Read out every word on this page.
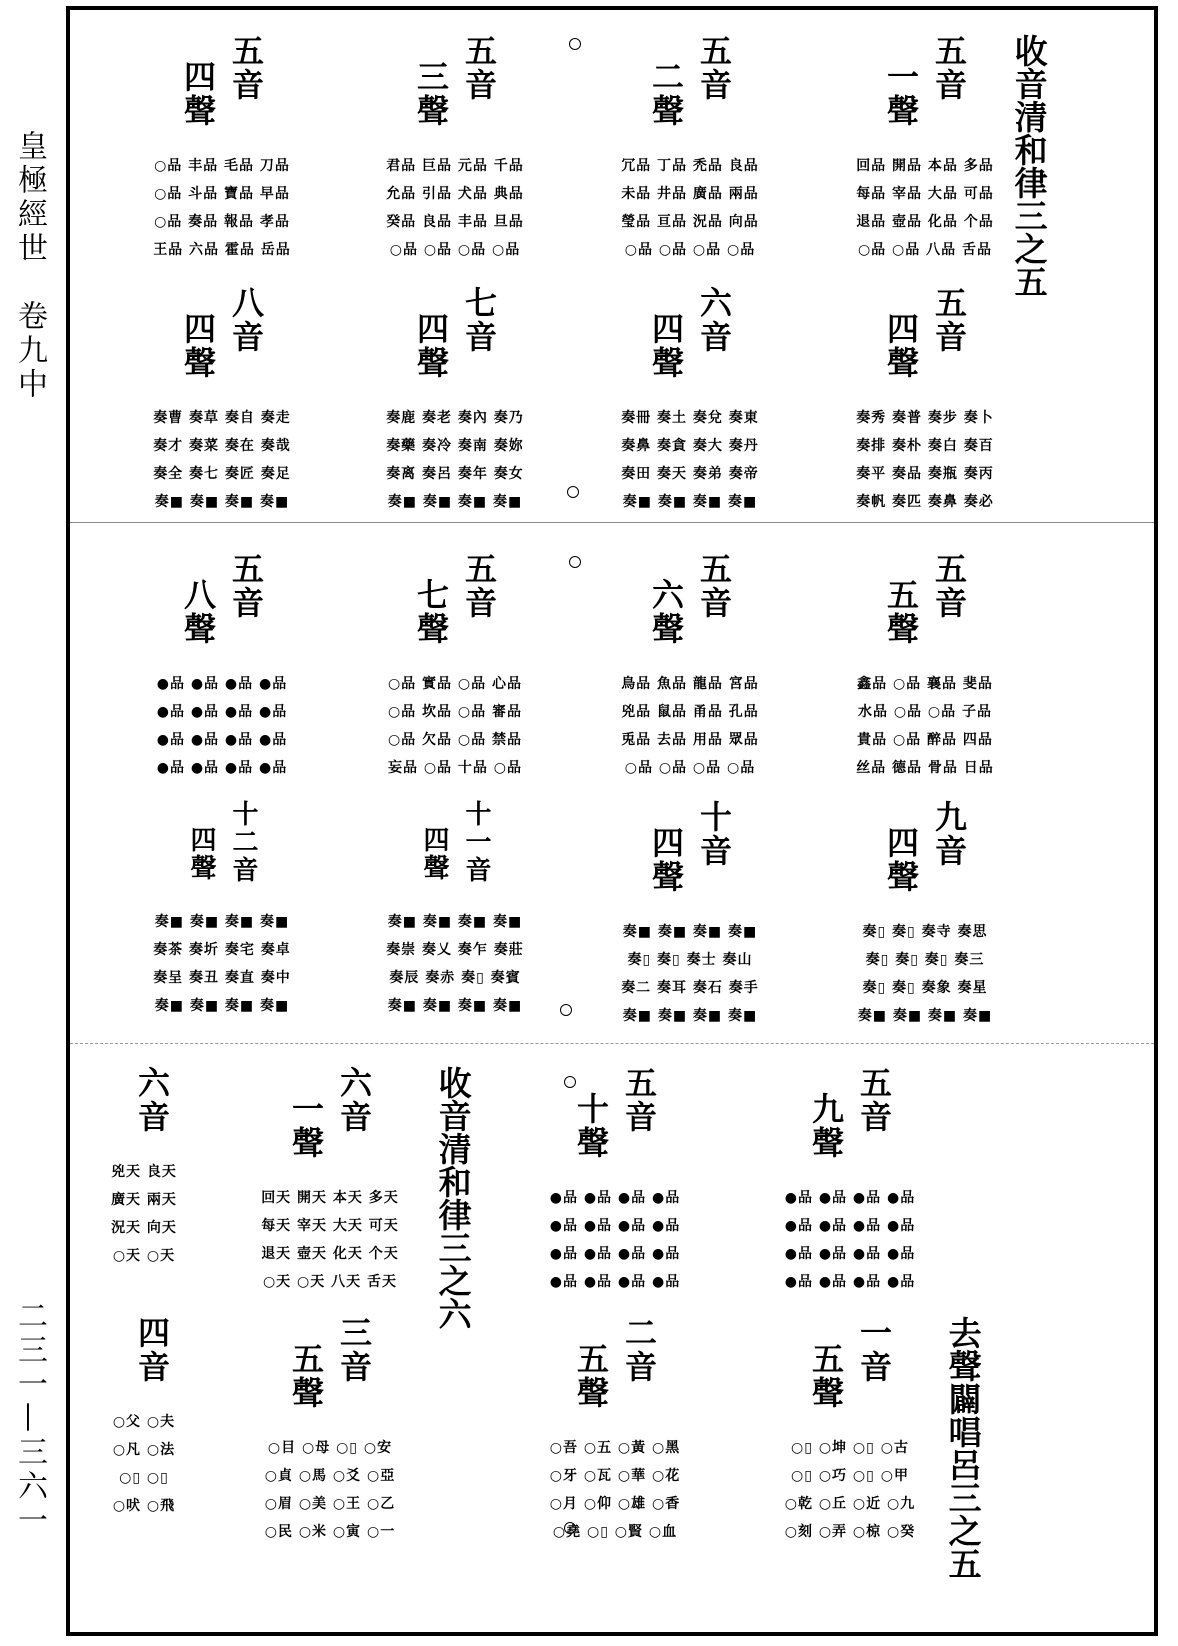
皇極經世　卷九中
二三一—三六一
收音清和律三之五
收音清和律三之六
去聲闢唱呂三之五
一聲 五音
回品 開品 本品 多品
每品 宰品 大品 可品
退品 壺品 化品 个品
○品 ○品 八品 舌品
二聲 五音
冗品 丁品 禿品 良品
未品 井品 廣品 兩品
瑩品 亘品 況品 向品
○品 ○品 ○品 ○品
三聲 五音
君品 巨品 元品 千品
允品 引品 犬品 典品
癸品 良品 丰品 旦品
○品 ○品 ○品 ○品
四聲 五音
○品 丰品 毛品 刀品
○品 斗品 寶品 早品
○品 奏品 報品 孝品
王品 六品 霍品 岳品
四聲 五音
奏秀 奏普 奏步 奏卜
奏排 奏朴 奏白 奏百
奏平 奏品 奏瓶 奏丙
奏帆 奏匹 奏鼻 奏必
四聲 六音
奏冊 奏土 奏兌 奏東
奏鼻 奏貪 奏大 奏丹
奏田 奏天 奏弟 奏帝
奏■ 奏■ 奏■ 奏■
四聲 七音
奏鹿 奏老 奏內 奏乃
奏藥 奏冷 奏南 奏妳
奏离 奏呂 奏年 奏女
奏■ 奏■ 奏■ 奏■
四聲 八音
奏曹 奏草 奏自 奏走
奏才 奏菜 奏在 奏哉
奏全 奏七 奏匠 奏足
奏■ 奏■ 奏■ 奏■
五聲 五音
鑫品 ○品 襄品 斐品
水品 ○品 ○品 子品
貴品 ○品 醉品 四品
丝品 德品 骨品 日品
六聲 五音
鳥品 魚品 龍品 宮品
兇品 鼠品 甬品 孔品
兎品 去品 用品 眾品
○品 ○品 ○品 ○品
七聲 五音
○品 實品 ○品 心品
○品 坎品 ○品 審品
○品 欠品 ○品 禁品
妄品 ○品 十品 ○品
八聲 五音
●品 ●品 ●品 ●品
●品 ●品 ●品 ●品
●品 ●品 ●品 ●品
●品 ●品 ●品 ●品
四聲 九音
奏▯ 奏▯ 奏寺 奏思
奏▯ 奏▯ 奏▯ 奏三
奏▯ 奏▯ 奏象 奏星
奏■ 奏■ 奏■ 奏■
四聲 十音
奏■ 奏■ 奏■ 奏■
奏▯ 奏▯ 奏士 奏山
奏二 奏耳 奏石 奏手
奏■ 奏■ 奏■ 奏■
四聲 十一音
奏■ 奏■ 奏■ 奏■
奏崇 奏乂 奏乍 奏莊
奏辰 奏赤 奏▯ 奏賓
奏■ 奏■ 奏■ 奏■
四聲 十二音
奏■ 奏■ 奏■ 奏■
奏茶 奏圻 奏宅 奏卓
奏呈 奏丑 奏直 奏中
奏■ 奏■ 奏■ 奏■
九聲 五音
●品 ●品 ●品 ●品
●品 ●品 ●品 ●品
●品 ●品 ●品 ●品
●品 ●品 ●品 ●品
十聲 五音
●品 ●品 ●品 ●品
●品 ●品 ●品 ●品
●品 ●品 ●品 ●品
●品 ●品 ●品 ●品
一聲 六音
回天 開天 本天 多天
每天 宰天 大天 可天
退天 壺天 化天 个天
○天 ○天 八天 舌天
六音
兇天 良天
廣天 兩天
況天 向天
○天 ○天
五聲 一音
○▯ ○坤 ○▯ ○古
○▯ ○巧 ○▯ ○甲
○乾 ○丘 ○近 ○九
○刻 ○弄 ○椋 ○癸
五聲 二音
○吾 ○五 ○黃 ○黑
○牙 ○瓦 ○華 ○花
○月 ○仰 ○雄 ○香
○堯 ○▯ ○賢 ○血
五聲 三音
○目 ○母 ○▯ ○安
○貞 ○馬 ○爻 ○亞
○眉 ○美 ○王 ○乙
○民 ○米 ○寅 ○一
四音
○父 ○夫
○凡 ○法
○▯ ○▯
○吠 ○飛
